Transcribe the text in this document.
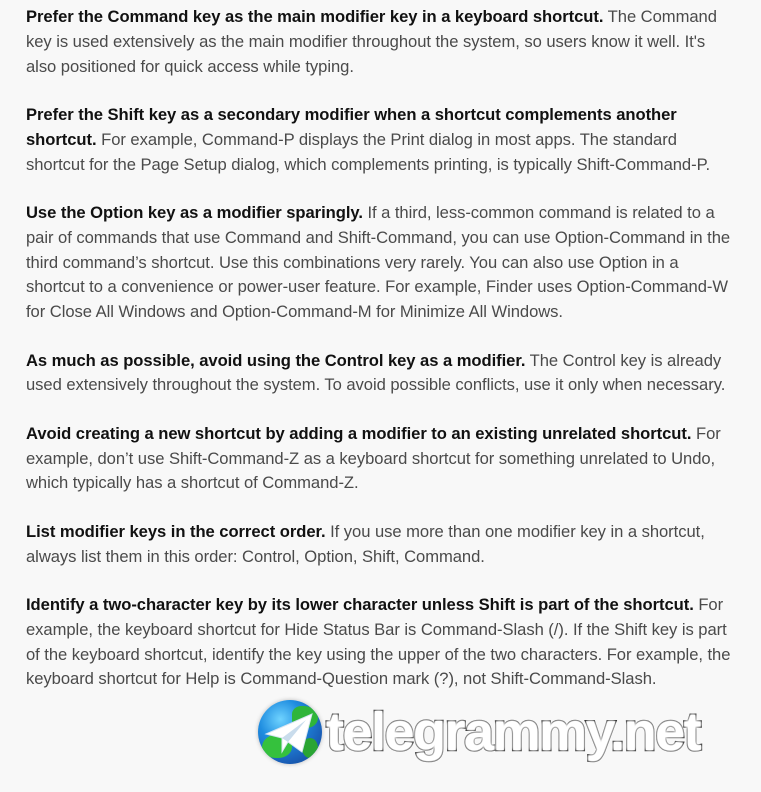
Prefer the Command key as the main modifier key in a keyboard shortcut. The Command key is used extensively as the main modifier throughout the system, so users know it well. It's also positioned for quick access while typing.

Prefer the Shift key as a secondary modifier when a shortcut complements another shortcut. For example, Command-P displays the Print dialog in most apps. The standard shortcut for the Page Setup dialog, which complements printing, is typically Shift-Command-P.

Use the Option key as a modifier sparingly. If a third, less-common command is related to a pair of commands that use Command and Shift-Command, you can use Option-Command in the third command’s shortcut. Use this combinations very rarely. You can also use Option in a shortcut to a convenience or power-user feature. For example, Finder uses Option-Command-W for Close All Windows and Option-Command-M for Minimize All Windows.

As much as possible, avoid using the Control key as a modifier. The Control key is already used extensively throughout the system. To avoid possible conflicts, use it only when necessary.

Avoid creating a new shortcut by adding a modifier to an existing unrelated shortcut. For example, don’t use Shift-Command-Z as a keyboard shortcut for something unrelated to Undo, which typically has a shortcut of Command-Z.

List modifier keys in the correct order. If you use more than one modifier key in a shortcut, always list them in this order: Control, Option, Shift, Command.

Identify a two-character key by its lower character unless Shift is part of the shortcut. For example, the keyboard shortcut for Hide Status Bar is Command-Slash (/). If the Shift key is part of the keyboard shortcut, identify the key using the upper of the two characters. For example, the keyboard shortcut for Help is Command-Question mark (?), not Shift-Command-Slash.

telegrammy.net
